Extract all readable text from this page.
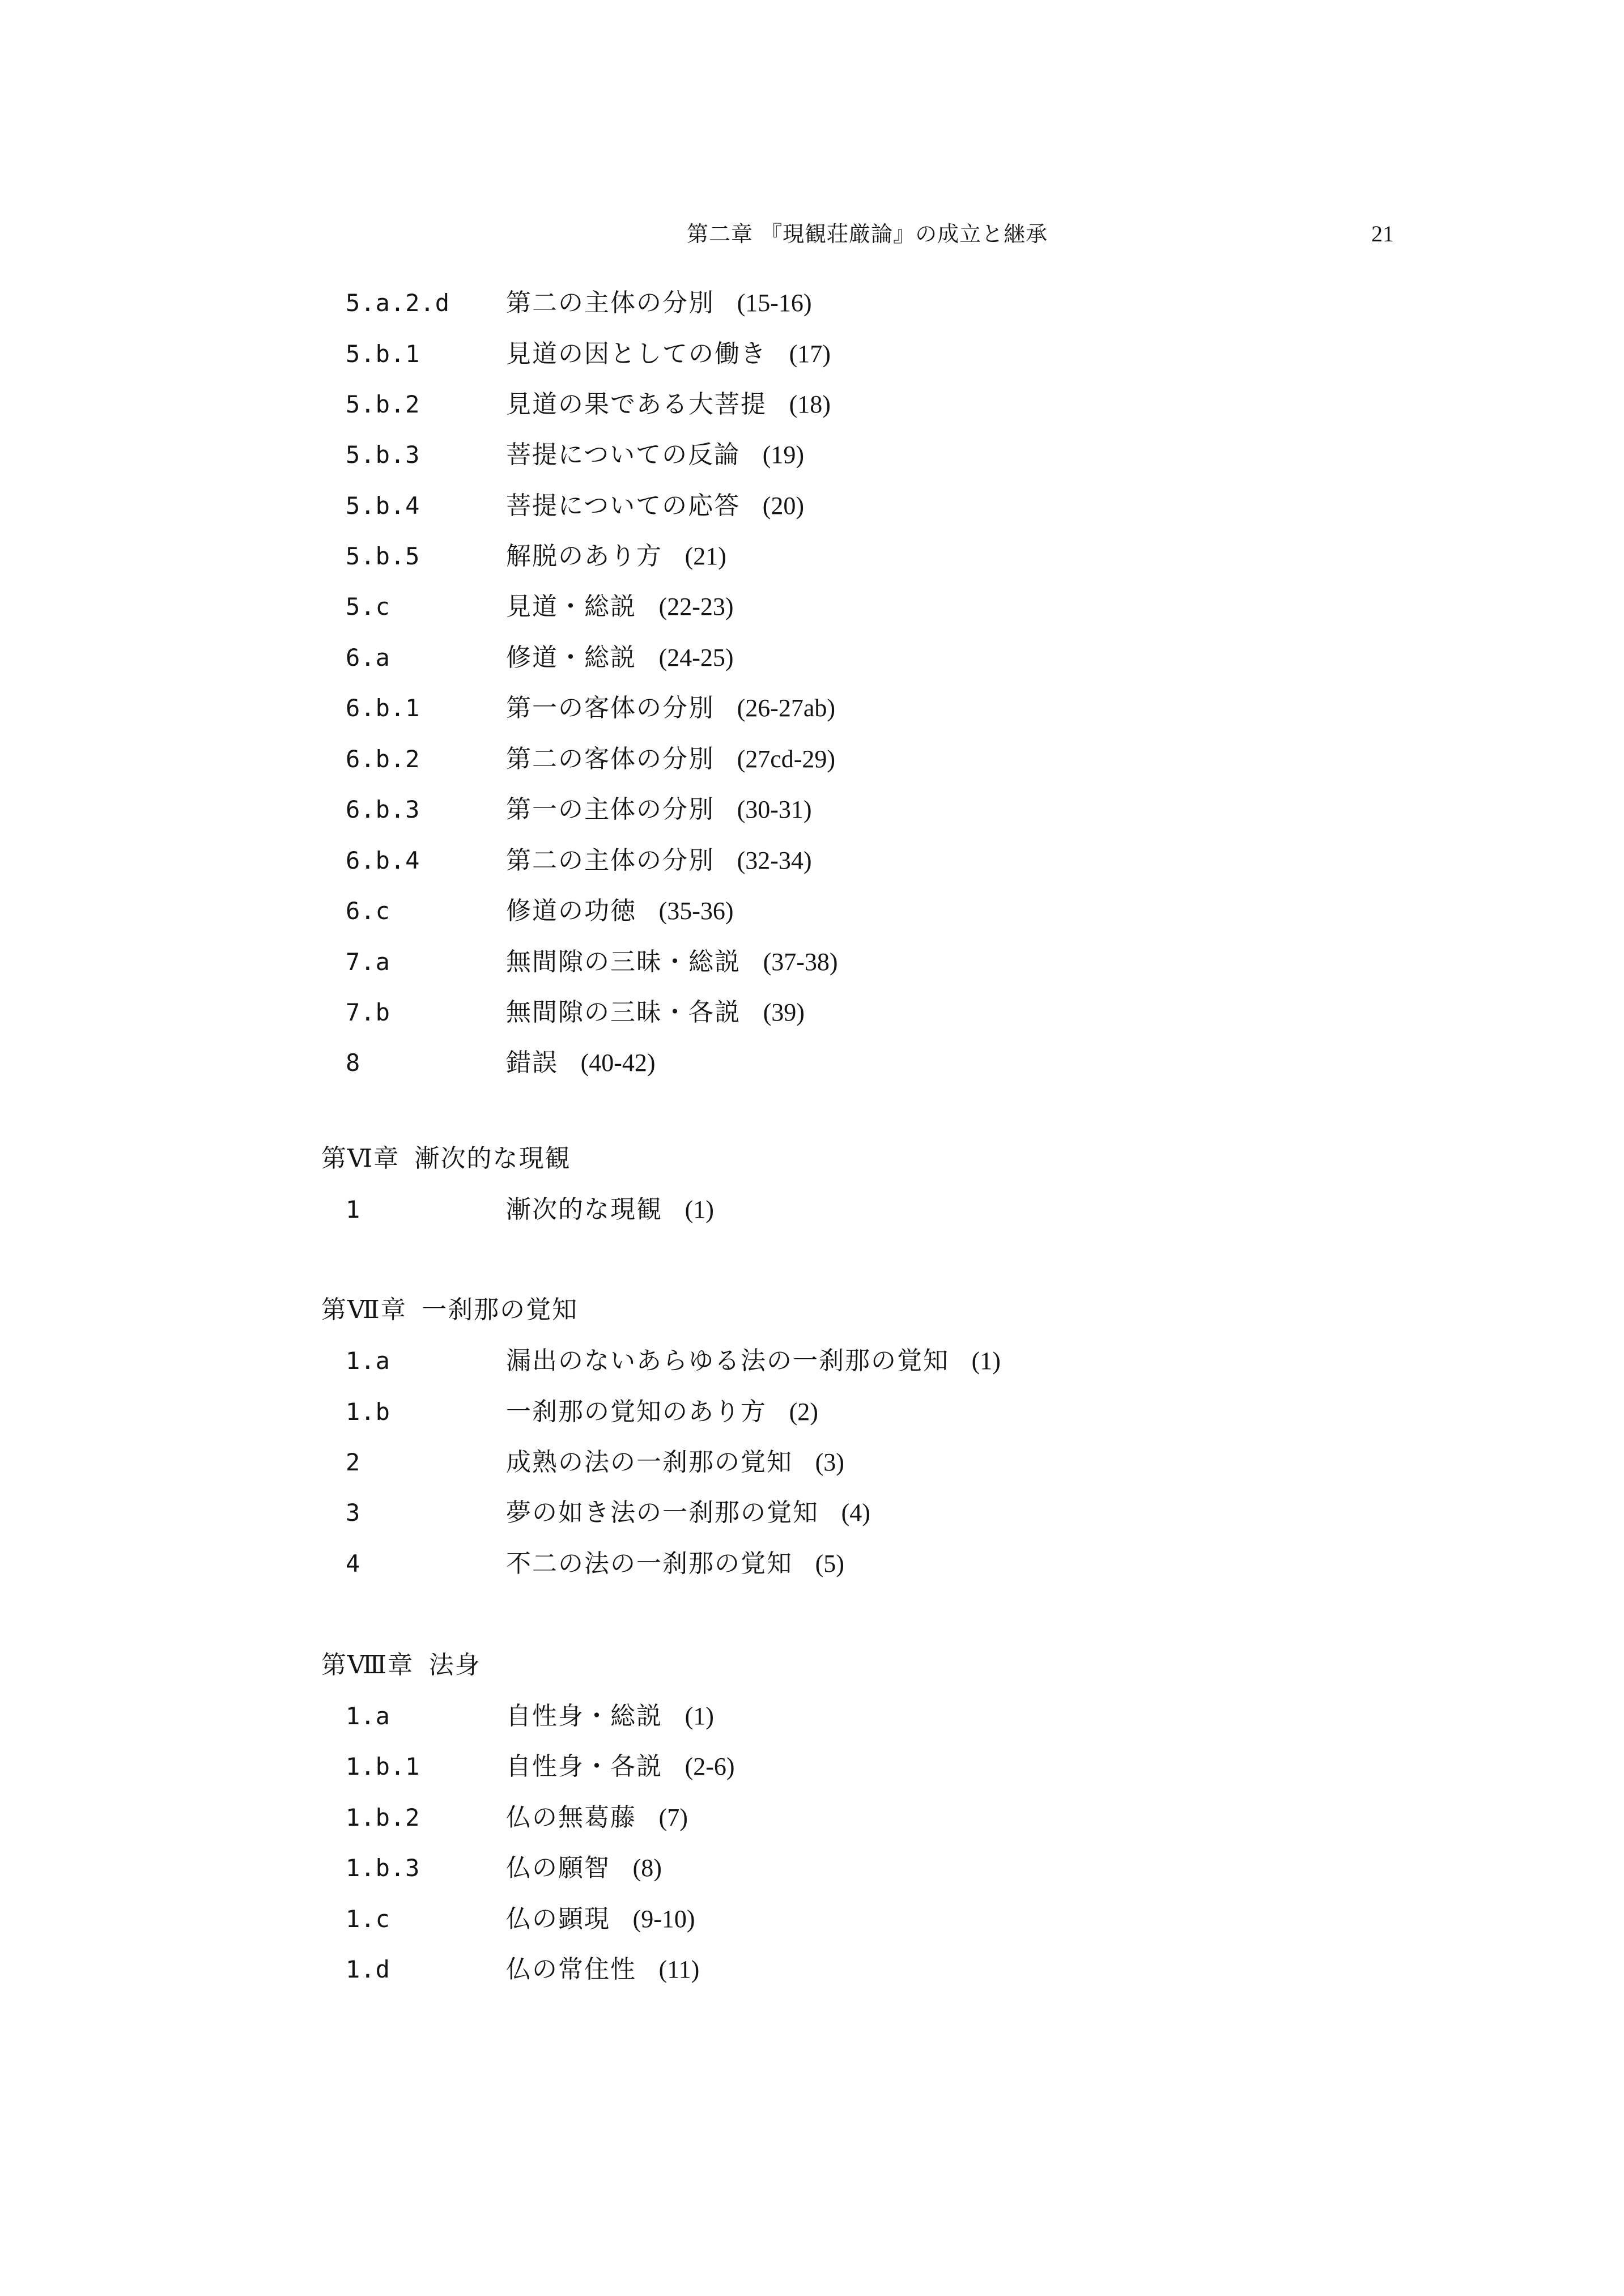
第二章 『現観荘厳論』の成立と継承	21
5.a.2.d 第二の主体の分別 (15-16)
5.b.1	見道の因としての働き (17)
5.b.2	見道の果である大菩提 (18)
5.b.3	菩提についての反論 (19)
5.b.4	菩提についての応答 (20)
5.b.5	解脱のあり方 (21)
5.c	見道・総説 (22-23)
6.a	修道・総説 (24-25)
6.b.1	第一の客体の分別 (26-27ab)
6.b.2	第二の客体の分別 (27cd-29)
6.b.3	第一の主体の分別 (30-31)
6.b.4	第二の主体の分別 (32-34)
6.c	修道の功徳 (35-36)
7.a	無間隙の三昧・総説 (37-38)
7.b	無間隙の三昧・各説 (39)
8	錯誤 (40-42)
第Ⅵ章 漸次的な現観
1	漸次的な現観 (1)
第Ⅶ章 一刹那の覚知
1.a	漏出のないあらゆる法の一刹那の覚知 (1)
1.b	一刹那の覚知のあり方 (2)
2	成熟の法の一刹那の覚知 (3)
3	夢の如き法の一刹那の覚知 (4)
4	不二の法の一刹那の覚知 (5)
第Ⅷ章 法身
1.a	自性身・総説 (1)
1.b.1	自性身・各説 (2-6)
1.b.2	仏の無葛藤 (7)
1.b.3	仏の願智 (8)
1.c	仏の顕現 (9-10)
1.d	仏の常住性 (11)
